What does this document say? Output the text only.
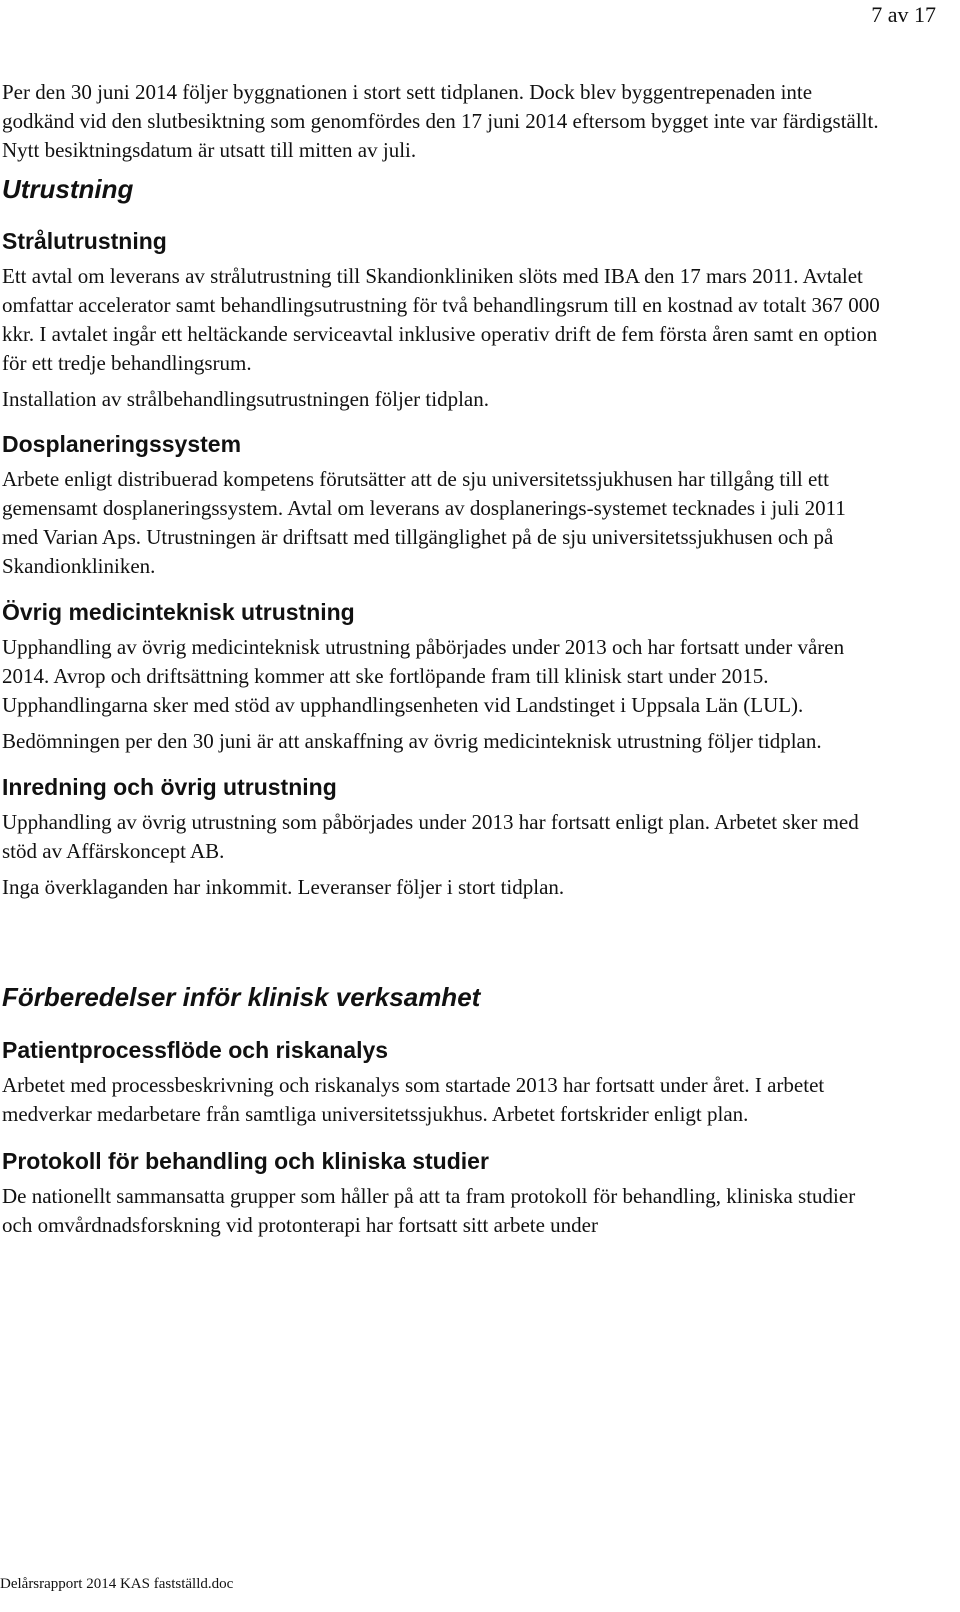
7 av 17

Per den 30 juni 2014 följer byggnationen i stort sett tidplanen. Dock blev byggentrepenaden inte godkänd vid den slutbesiktning som genomfördes den 17 juni 2014 eftersom bygget inte var färdigställt. Nytt besiktningsdatum är utsatt till mitten av juli.

Utrustning
Strålutrustning

Ett avtal om leverans av strålutrustning till Skandionkliniken slöts med IBA den 17 mars 2011. Avtalet omfattar accelerator samt behandlingsutrustning för två behandlingsrum till en kostnad av totalt 367 000 kkr. I avtalet ingår ett heltäckande serviceavtal inklusive operativ drift de fem första åren samt en option för ett tredje behandlingsrum.

Installation av strålbehandlingsutrustningen följer tidplan.

Dosplaneringssystem

Arbete enligt distribuerad kompetens förutsätter att de sju universitetssjukhusen har tillgång till ett gemensamt dosplaneringssystem. Avtal om leverans av dosplanerings-systemet tecknades i juli 2011 med Varian Aps. Utrustningen är driftsatt med tillgänglighet på de sju universitetssjukhusen och på Skandionkliniken.

Övrig medicinteknisk utrustning

Upphandling av övrig medicinteknisk utrustning påbörjades under 2013 och har fortsatt under våren 2014. Avrop och driftsättning kommer att ske fortlöpande fram till klinisk start under 2015. Upphandlingarna sker med stöd av upphandlingsenheten vid Landstinget i Uppsala Län (LUL).

Bedömningen per den 30 juni är att anskaffning av övrig medicinteknisk utrustning följer tidplan.

Inredning och övrig utrustning

Upphandling av övrig utrustning som påbörjades under 2013 har fortsatt enligt plan. Arbetet sker med stöd av Affärskoncept AB.

Inga överklaganden har inkommit. Leveranser följer i stort tidplan.

Förberedelser inför klinisk verksamhet
Patientprocessflöde och riskanalys

Arbetet med processbeskrivning och riskanalys som startade 2013 har fortsatt under året. I arbetet medverkar medarbetare från samtliga universitetssjukhus. Arbetet fortskrider enligt plan.

Protokoll för behandling och kliniska studier

De nationellt sammansatta grupper som håller på att ta fram protokoll för behandling, kliniska studier och omvårdnadsforskning vid protonterapi har fortsatt sitt arbete under

Delårsrapport 2014 KAS fastställd.doc
